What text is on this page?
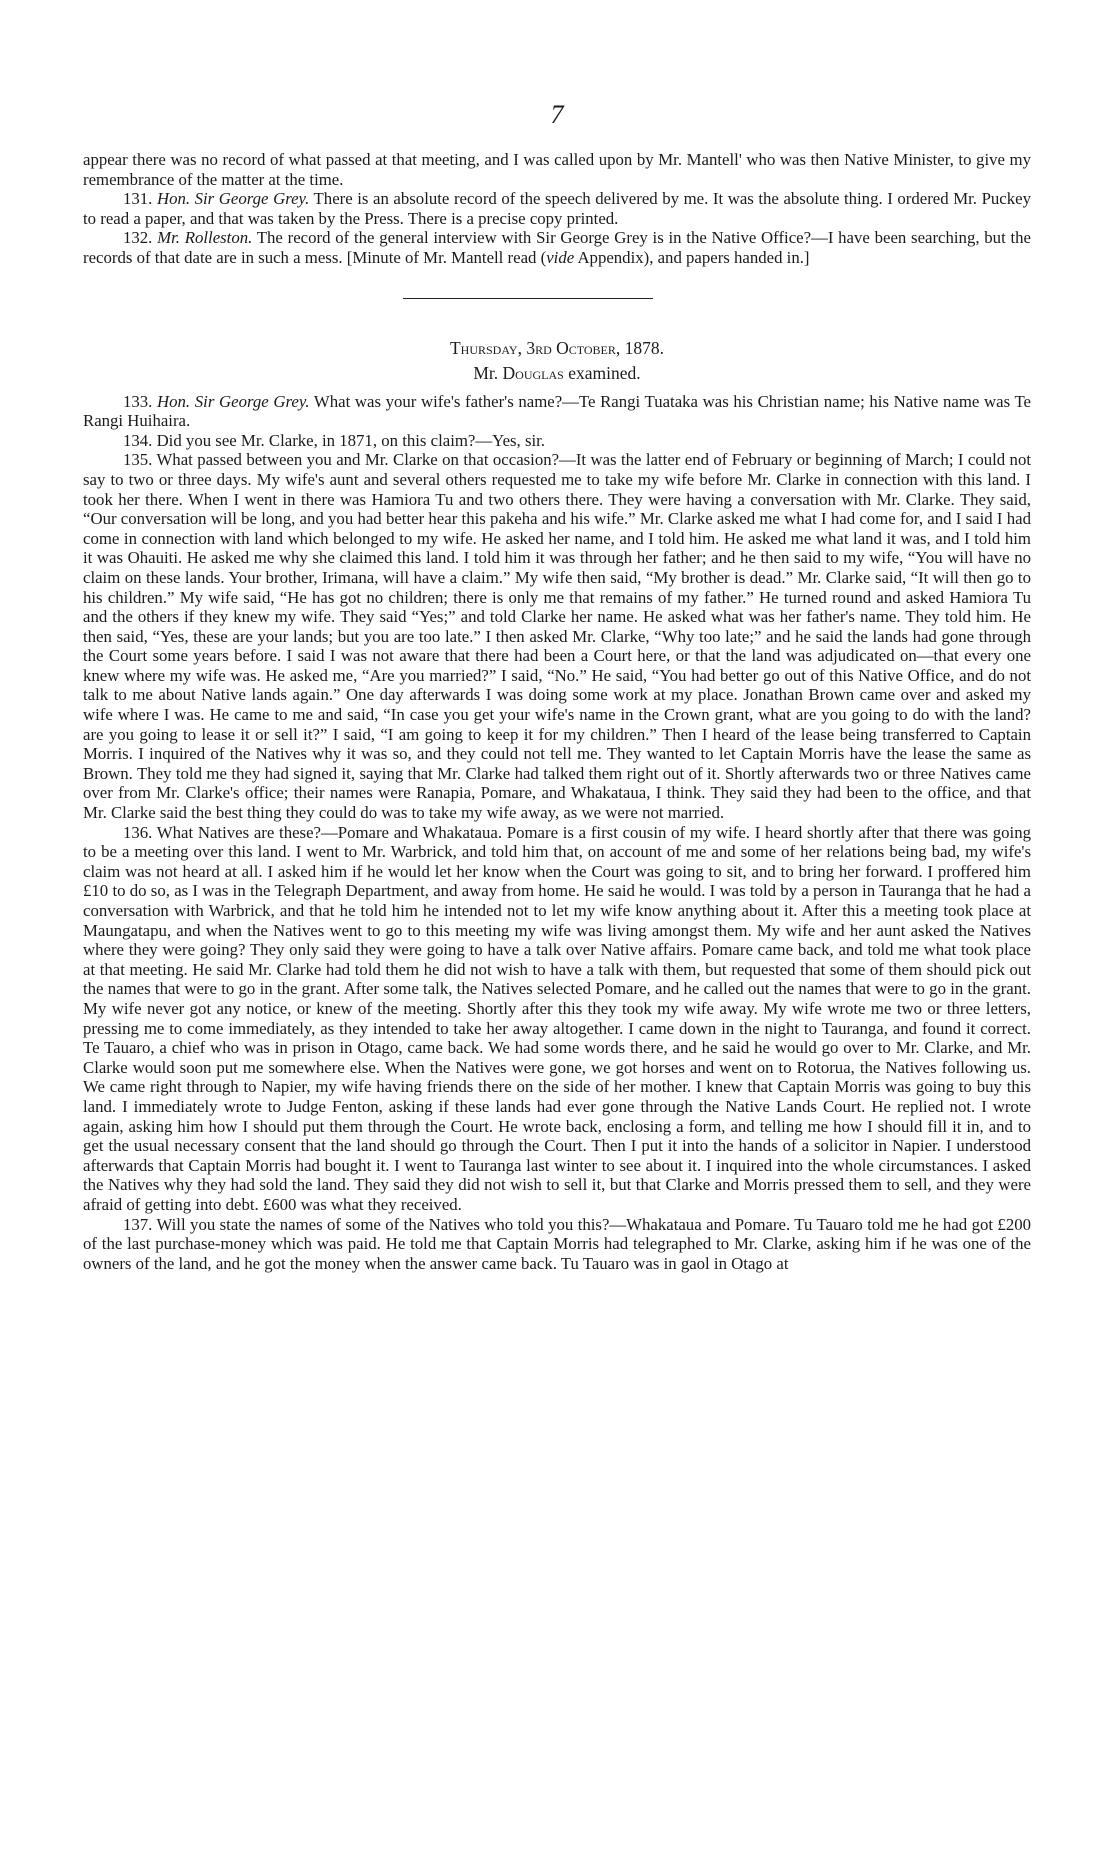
7

appear there was no record of what passed at that meeting, and I was called upon by Mr. Mantell' who was then Native Minister, to give my remembrance of the matter at the time.

131. Hon. Sir George Grey. There is an absolute record of the speech delivered by me. It was the absolute thing. I ordered Mr. Puckey to read a paper, and that was taken by the Press. There is a precise copy printed.

132. Mr. Rolleston. The record of the general interview with Sir George Grey is in the Native Office?—I have been searching, but the records of that date are in such a mess. [Minute of Mr. Mantell read (vide Appendix), and papers handed in.]

Thursday, 3rd October, 1878.
Mr. Douglas examined.

133. Hon. Sir George Grey. What was your wife's father's name?—Te Rangi Tuataka was his Christian name; his Native name was Te Rangi Huihaira.

134. Did you see Mr. Clarke, in 1871, on this claim?—Yes, sir.

135. What passed between you and Mr. Clarke on that occasion?—It was the latter end of February or beginning of March; I could not say to two or three days. My wife's aunt and several others requested me to take my wife before Mr. Clarke in connection with this land. I took her there. When I went in there was Hamiora Tu and two others there. They were having a conversation with Mr. Clarke. They said, “Our conversation will be long, and you had better hear this pakeha and his wife.” Mr. Clarke asked me what I had come for, and I said I had come in connection with land which belonged to my wife. He asked her name, and I told him. He asked me what land it was, and I told him it was Ohauiti. He asked me why she claimed this land. I told him it was through her father; and he then said to my wife, “You will have no claim on these lands. Your brother, Irimana, will have a claim.” My wife then said, “My brother is dead.” Mr. Clarke said, “It will then go to his children.” My wife said, “He has got no children; there is only me that remains of my father.” He turned round and asked Hamiora Tu and the others if they knew my wife. They said “Yes;” and told Clarke her name. He asked what was her father's name. They told him. He then said, “Yes, these are your lands; but you are too late.” I then asked Mr. Clarke, “Why too late;” and he said the lands had gone through the Court some years before. I said I was not aware that there had been a Court here, or that the land was adjudicated on—that every one knew where my wife was. He asked me, “Are you married?” I said, “No.” He said, “You had better go out of this Native Office, and do not talk to me about Native lands again.” One day afterwards I was doing some work at my place. Jonathan Brown came over and asked my wife where I was. He came to me and said, “In case you get your wife's name in the Crown grant, what are you going to do with the land? are you going to lease it or sell it?” I said, “I am going to keep it for my children.” Then I heard of the lease being transferred to Captain Morris. I inquired of the Natives why it was so, and they could not tell me. They wanted to let Captain Morris have the lease the same as Brown. They told me they had signed it, saying that Mr. Clarke had talked them right out of it. Shortly afterwards two or three Natives came over from Mr. Clarke's office; their names were Ranapia, Pomare, and Whakataua, I think. They said they had been to the office, and that Mr. Clarke said the best thing they could do was to take my wife away, as we were not married.

136. What Natives are these?—Pomare and Whakataua. Pomare is a first cousin of my wife. I heard shortly after that there was going to be a meeting over this land. I went to Mr. Warbrick, and told him that, on account of me and some of her relations being bad, my wife's claim was not heard at all. I asked him if he would let her know when the Court was going to sit, and to bring her forward. I proffered him £10 to do so, as I was in the Telegraph Department, and away from home. He said he would. I was told by a person in Tauranga that he had a conversation with Warbrick, and that he told him he intended not to let my wife know anything about it. After this a meeting took place at Maungatapu, and when the Natives went to go to this meeting my wife was living amongst them. My wife and her aunt asked the Natives where they were going? They only said they were going to have a talk over Native affairs. Pomare came back, and told me what took place at that meeting. He said Mr. Clarke had told them he did not wish to have a talk with them, but requested that some of them should pick out the names that were to go in the grant. After some talk, the Natives selected Pomare, and he called out the names that were to go in the grant. My wife never got any notice, or knew of the meeting. Shortly after this they took my wife away. My wife wrote me two or three letters, pressing me to come immediately, as they intended to take her away altogether. I came down in the night to Tauranga, and found it correct. Te Tauaro, a chief who was in prison in Otago, came back. We had some words there, and he said he would go over to Mr. Clarke, and Mr. Clarke would soon put me somewhere else. When the Natives were gone, we got horses and went on to Rotorua, the Natives following us. We came right through to Napier, my wife having friends there on the side of her mother. I knew that Captain Morris was going to buy this land. I immediately wrote to Judge Fenton, asking if these lands had ever gone through the Native Lands Court. He replied not. I wrote again, asking him how I should put them through the Court. He wrote back, enclosing a form, and telling me how I should fill it in, and to get the usual necessary consent that the land should go through the Court. Then I put it into the hands of a solicitor in Napier. I understood afterwards that Captain Morris had bought it. I went to Tauranga last winter to see about it. I inquired into the whole circumstances. I asked the Natives why they had sold the land. They said they did not wish to sell it, but that Clarke and Morris pressed them to sell, and they were afraid of getting into debt. £600 was what they received.

137. Will you state the names of some of the Natives who told you this?—Whakataua and Pomare. Tu Tauaro told me he had got £200 of the last purchase-money which was paid. He told me that Captain Morris had telegraphed to Mr. Clarke, asking him if he was one of the owners of the land, and he got the money when the answer came back. Tu Tauaro was in gaol in Otago at
